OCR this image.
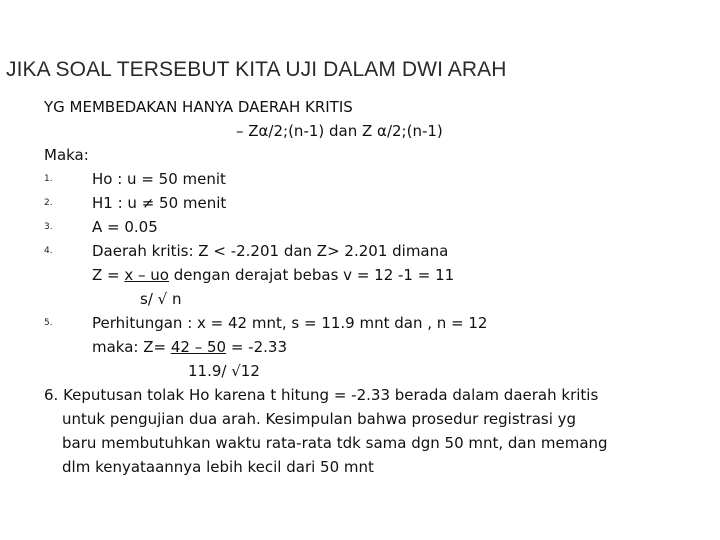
JIKA SOAL TERSEBUT KITA UJI DALAM DWI ARAH
YG MEMBEDAKAN HANYA DAERAH KRITIS
– Zα/2;(n-1) dan Z α/2;(n-1)
Maka:
1.	Ho : u = 50 menit
2.	H1 : u ≠ 50 menit
3.	A = 0.05
4.	Daerah kritis: Z < -2.201 dan Z> 2.201 dimana
Z = x – uo dengan derajat bebas v = 12 -1 = 11
s/ √ n
5.	Perhitungan : x = 42 mnt, s = 11.9 mnt dan , n = 12
maka: Z= 42 – 50 = -2.33
11.9/ √12
6. Keputusan tolak Ho karena t hitung = -2.33 berada dalam daerah kritis
untuk pengujian dua arah. Kesimpulan bahwa prosedur registrasi yg
baru membutuhkan waktu rata-rata tdk sama dgn 50 mnt, dan memang
dlm kenyataannya lebih kecil dari 50 mnt
